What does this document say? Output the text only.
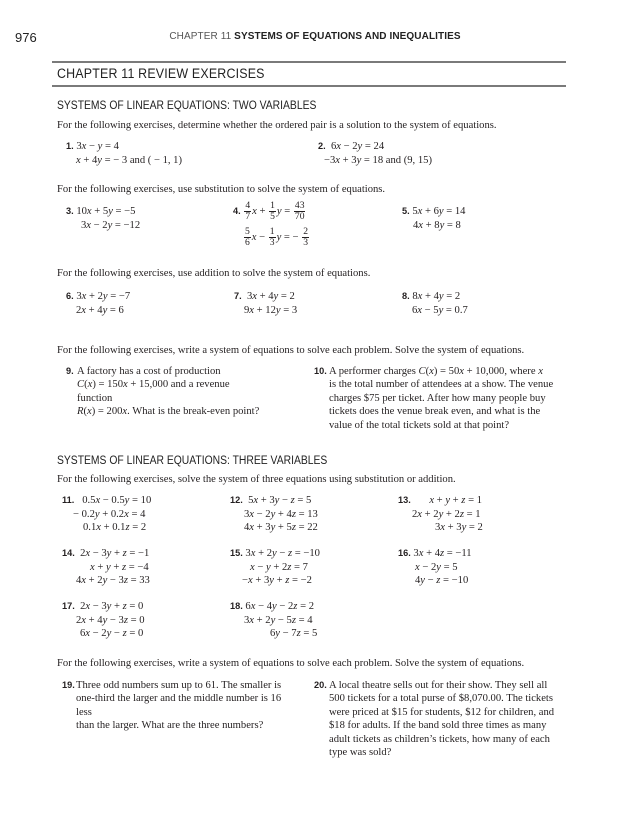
976	CHAPTER 11 SYSTEMS OF EQUATIONS AND INEQUALITIES
CHAPTER 11 REVIEW EXERCISES
SYSTEMS OF LINEAR EQUATIONS: TWO VARIABLES
For the following exercises, determine whether the ordered pair is a solution to the system of equations.
1. 3x − y = 4
x + 4y = − 3 and ( − 1, 1)
2.  6x − 2y = 24
−3x + 3y = 18 and (9, 15)
For the following exercises, use substitution to solve the system of equations.
3. 10x + 5y = −5
3x − 2y = −12
4. $\frac{4}{7}$ $x + \frac{1}{5}$ $y = \frac{43}{70}$
$\frac{5}{6}$ $x - \frac{1}{3}$ y = − $\frac{2}{3}$
5. 5x + 6y = 14
4x + 8y = 8
For the following exercises, use addition to solve the system of equations.
6. 3x + 2y = −7
2x + 4y = 6
7.  3x + 4y = 2
9x + 12y = 3
8. 8x + 4y = 2
6x − 5y = 0.7
For the following exercises, write a system of equations to solve each problem. Solve the system of equations.
9. A factory has a cost of production
C(x) = 150x + 15,000 and a revenue function
R(x) = 200x. What is the break-even point?
10. A performer charges C(x) = 50x + 10,000, where x
is the total number of attendees at a show. The venue
charges $75 per ticket. After how many people buy
tickets does the venue break even, and what is the
value of the total tickets sold at that point?
SYSTEMS OF LINEAR EQUATIONS: THREE VARIABLES
For the following exercises, solve the system of three equations using substitution or addition.
11.   0.5x − 0.5y = 10
− 0.2y + 0.2x = 4
0.1x + 0.1z = 2
12.  5x + 3y − z = 5
3x − 2y + 4z = 13
4x + 3y + 5z = 22
13. x + y + z = 1
2x + 2y + 2z = 1
3x + 3y = 2
14.  2x − 3y + z = −1
x + y + z = −4
4x + 2y − 3z = 33
15. 3x + 2y − z = −10
x − y + 2z = 7
−x + 3y + z = −2
16. 3x + 4z = −11
x − 2y = 5
4y − z = −10
17.  2x − 3y + z = 0
2x + 4y − 3z = 0
6x − 2y − z = 0
18. 6x − 4y − 2z = 2
3x + 2y − 5z = 4
6y − 7z = 5
For the following exercises, write a system of equations to solve each problem. Solve the system of equations.
19. Three odd numbers sum up to 61. The smaller is
one-third the larger and the middle number is 16 less
than the larger. What are the three numbers?
20. A local theatre sells out for their show. They sell all
500 tickets for a total purse of $8,070.00. The tickets
were priced at $15 for students, $12 for children, and
$18 for adults. If the band sold three times as many
adult tickets as children’s tickets, how many of each
type was sold?
